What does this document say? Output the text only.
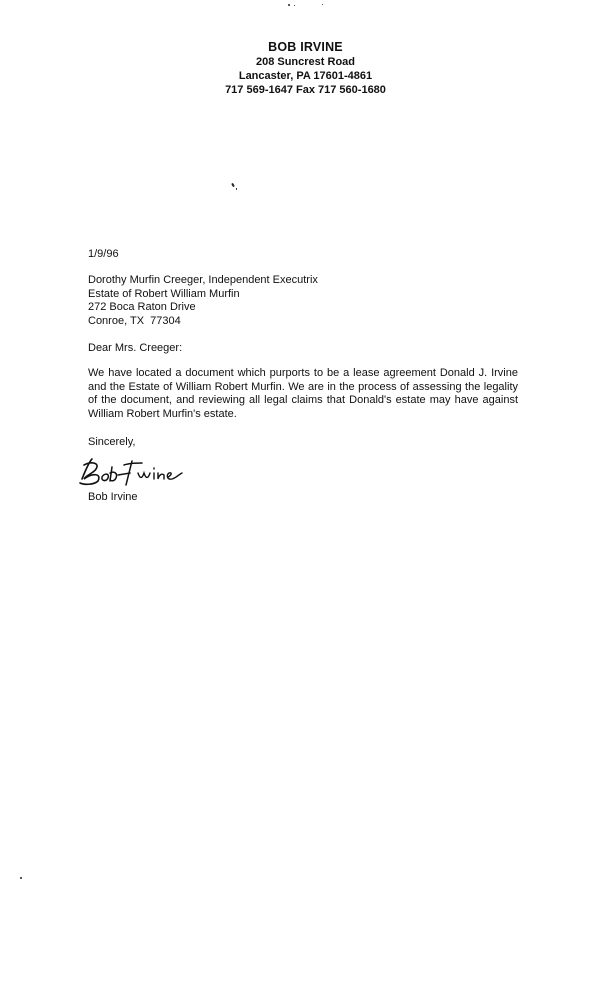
BOB IRVINE
208 Suncrest Road
Lancaster, PA 17601-4861
717 569-1647 Fax 717 560-1680
1/9/96
Dorothy Murfin Creeger, Independent Executrix
Estate of Robert William Murfin
272 Boca Raton Drive
Conroe, TX  77304
Dear Mrs. Creeger:
We have located a document which purports to be a lease agreement Donald J. Irvine and the Estate of William Robert Murfin. We are in the process of assessing the legality of the document, and reviewing all legal claims that Donald's estate may have against William Robert Murfin's estate.
Sincerely,
Bob Irvine
